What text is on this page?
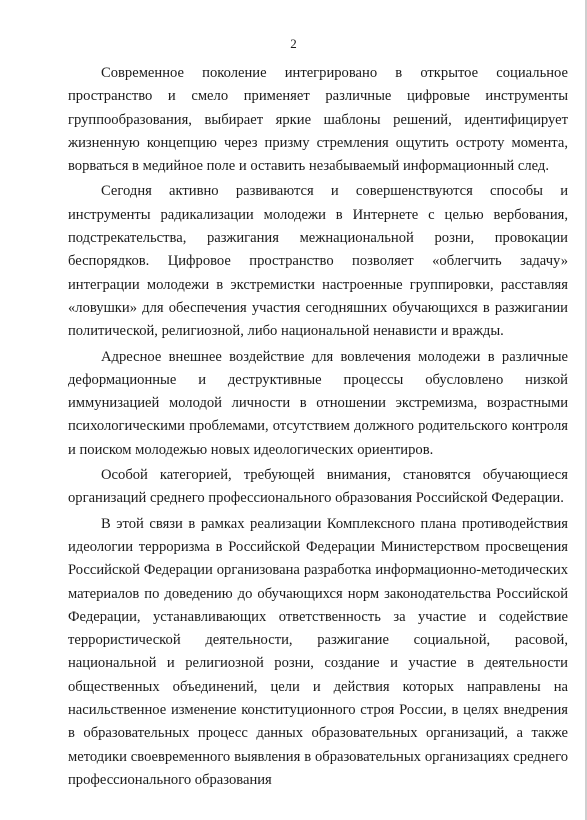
2

Современное поколение интегрировано в открытое социальное пространство и смело применяет различные цифровые инструменты группообразования, выбирает яркие шаблоны решений, идентифицирует жизненную концепцию через призму стремления ощутить остроту момента, ворваться в медийное поле и оставить незабываемый информационный след.

Сегодня активно развиваются и совершенствуются способы и инструменты радикализации молодежи в Интернете с целью вербования, подстрекательства, разжигания межнациональной розни, провокации беспорядков. Цифровое пространство позволяет «облегчить задачу» интеграции молодежи в экстремистки настроенные группировки, расставляя «ловушки» для обеспечения участия сегодняшних обучающихся в разжигании политической, религиозной, либо национальной ненависти и вражды.

Адресное внешнее воздействие для вовлечения молодежи в различные деформационные и деструктивные процессы обусловлено низкой иммунизацией молодой личности в отношении экстремизма, возрастными психологическими проблемами, отсутствием должного родительского контроля и поиском молодежью новых идеологических ориентиров.

Особой категорией, требующей внимания, становятся обучающиеся организаций среднего профессионального образования Российской Федерации.

В этой связи в рамках реализации Комплексного плана противодействия идеологии терроризма в Российской Федерации Министерством просвещения Российской Федерации организована разработка информационно-методических материалов по доведению до обучающихся норм законодательства Российской Федерации, устанавливающих ответственность за участие и содействие террористической деятельности, разжигание социальной, расовой, национальной и религиозной розни, создание и участие в деятельности общественных объединений, цели и действия которых направлены на насильственное изменение конституционного строя России, в целях внедрения в образовательных процесс данных образовательных организаций, а также методики своевременного выявления в образовательных организациях среднего профессионального образования
